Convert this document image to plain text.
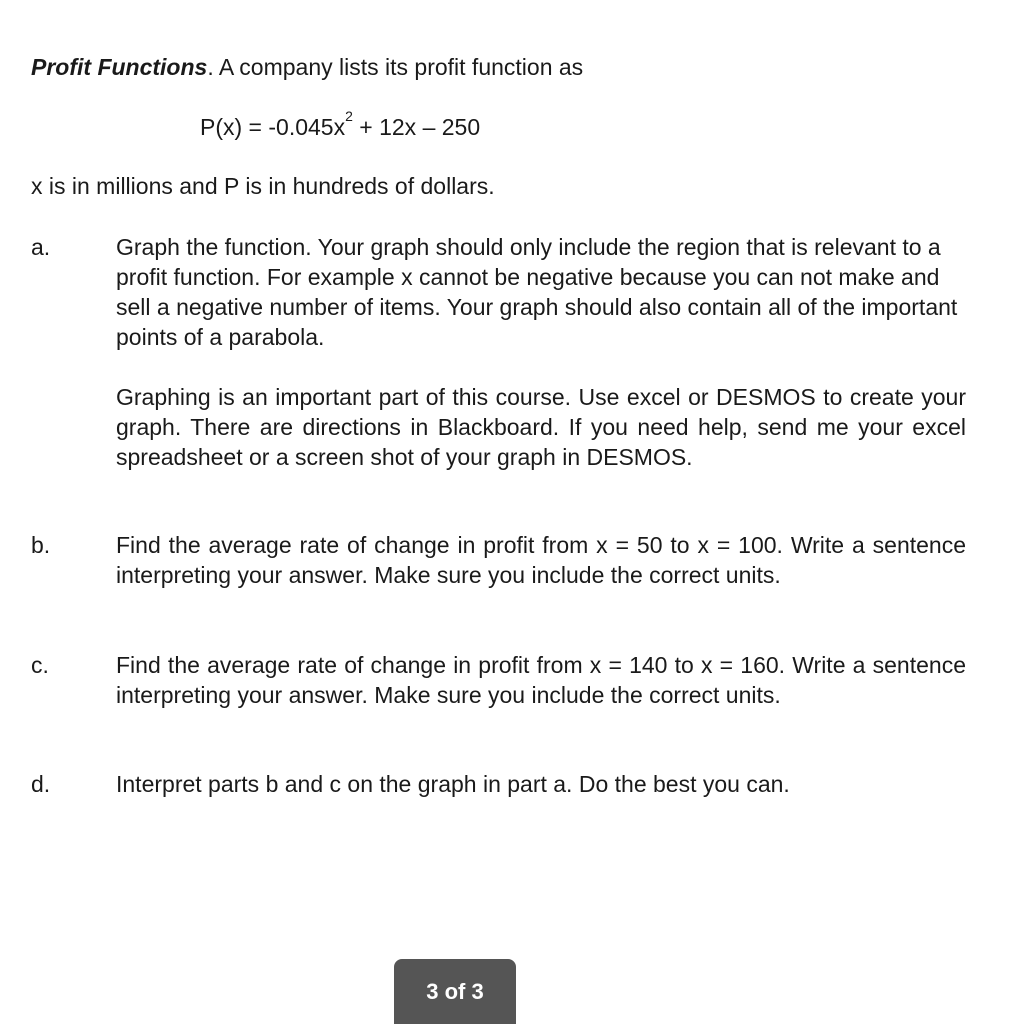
Profit Functions. A company lists its profit function as
$P(x) = -0.045x^2 + 12x - 250$
x is in millions and P is in hundreds of dollars.
a.	Graph the function. Your graph should only include the region that is relevant to a profit function. For example x cannot be negative because you can not make and sell a negative number of items. Your graph should also contain all of the important points of a parabola.

Graphing is an important part of this course. Use excel or DESMOS to create your graph. There are directions in Blackboard. If you need help, send me your excel spreadsheet or a screen shot of your graph in DESMOS.

b.	Find the average rate of change in profit from x = 50 to x = 100. Write a sentence interpreting your answer. Make sure you include the correct units.

c.	Find the average rate of change in profit from x = 140 to x = 160. Write a sentence interpreting your answer. Make sure you include the correct units.

d.	Interpret parts b and c on the graph in part a. Do the best you can.

3 of 3
